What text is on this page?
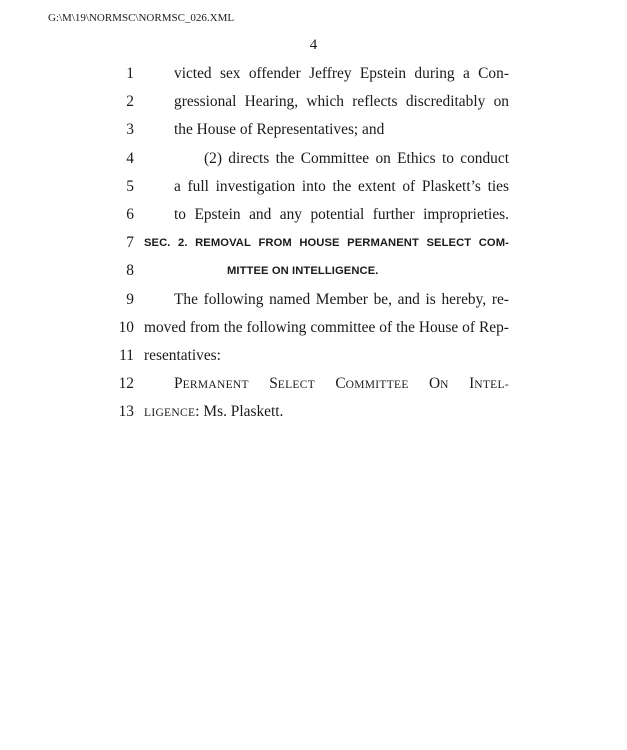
G:\M\19\NORMSC\NORMSC_026.XML
4
1	victed sex offender Jeffrey Epstein during a Con-
2	gressional Hearing, which reflects discreditably on
3	the House of Representatives; and
4	(2) directs the Committee on Ethics to conduct
5	a full investigation into the extent of Plaskett’s ties
6	to Epstein and any potential further improprieties.
7 SEC. 2. REMOVAL FROM HOUSE PERMANENT SELECT COM-
8	MITTEE ON INTELLIGENCE.
9	The following named Member be, and is hereby, re-
10 moved from the following committee of the House of Rep-
11 resentatives:
12	PERMANENT SELECT COMMITTEE ON INTEL-
13 LIGENCE: Ms. Plaskett.
